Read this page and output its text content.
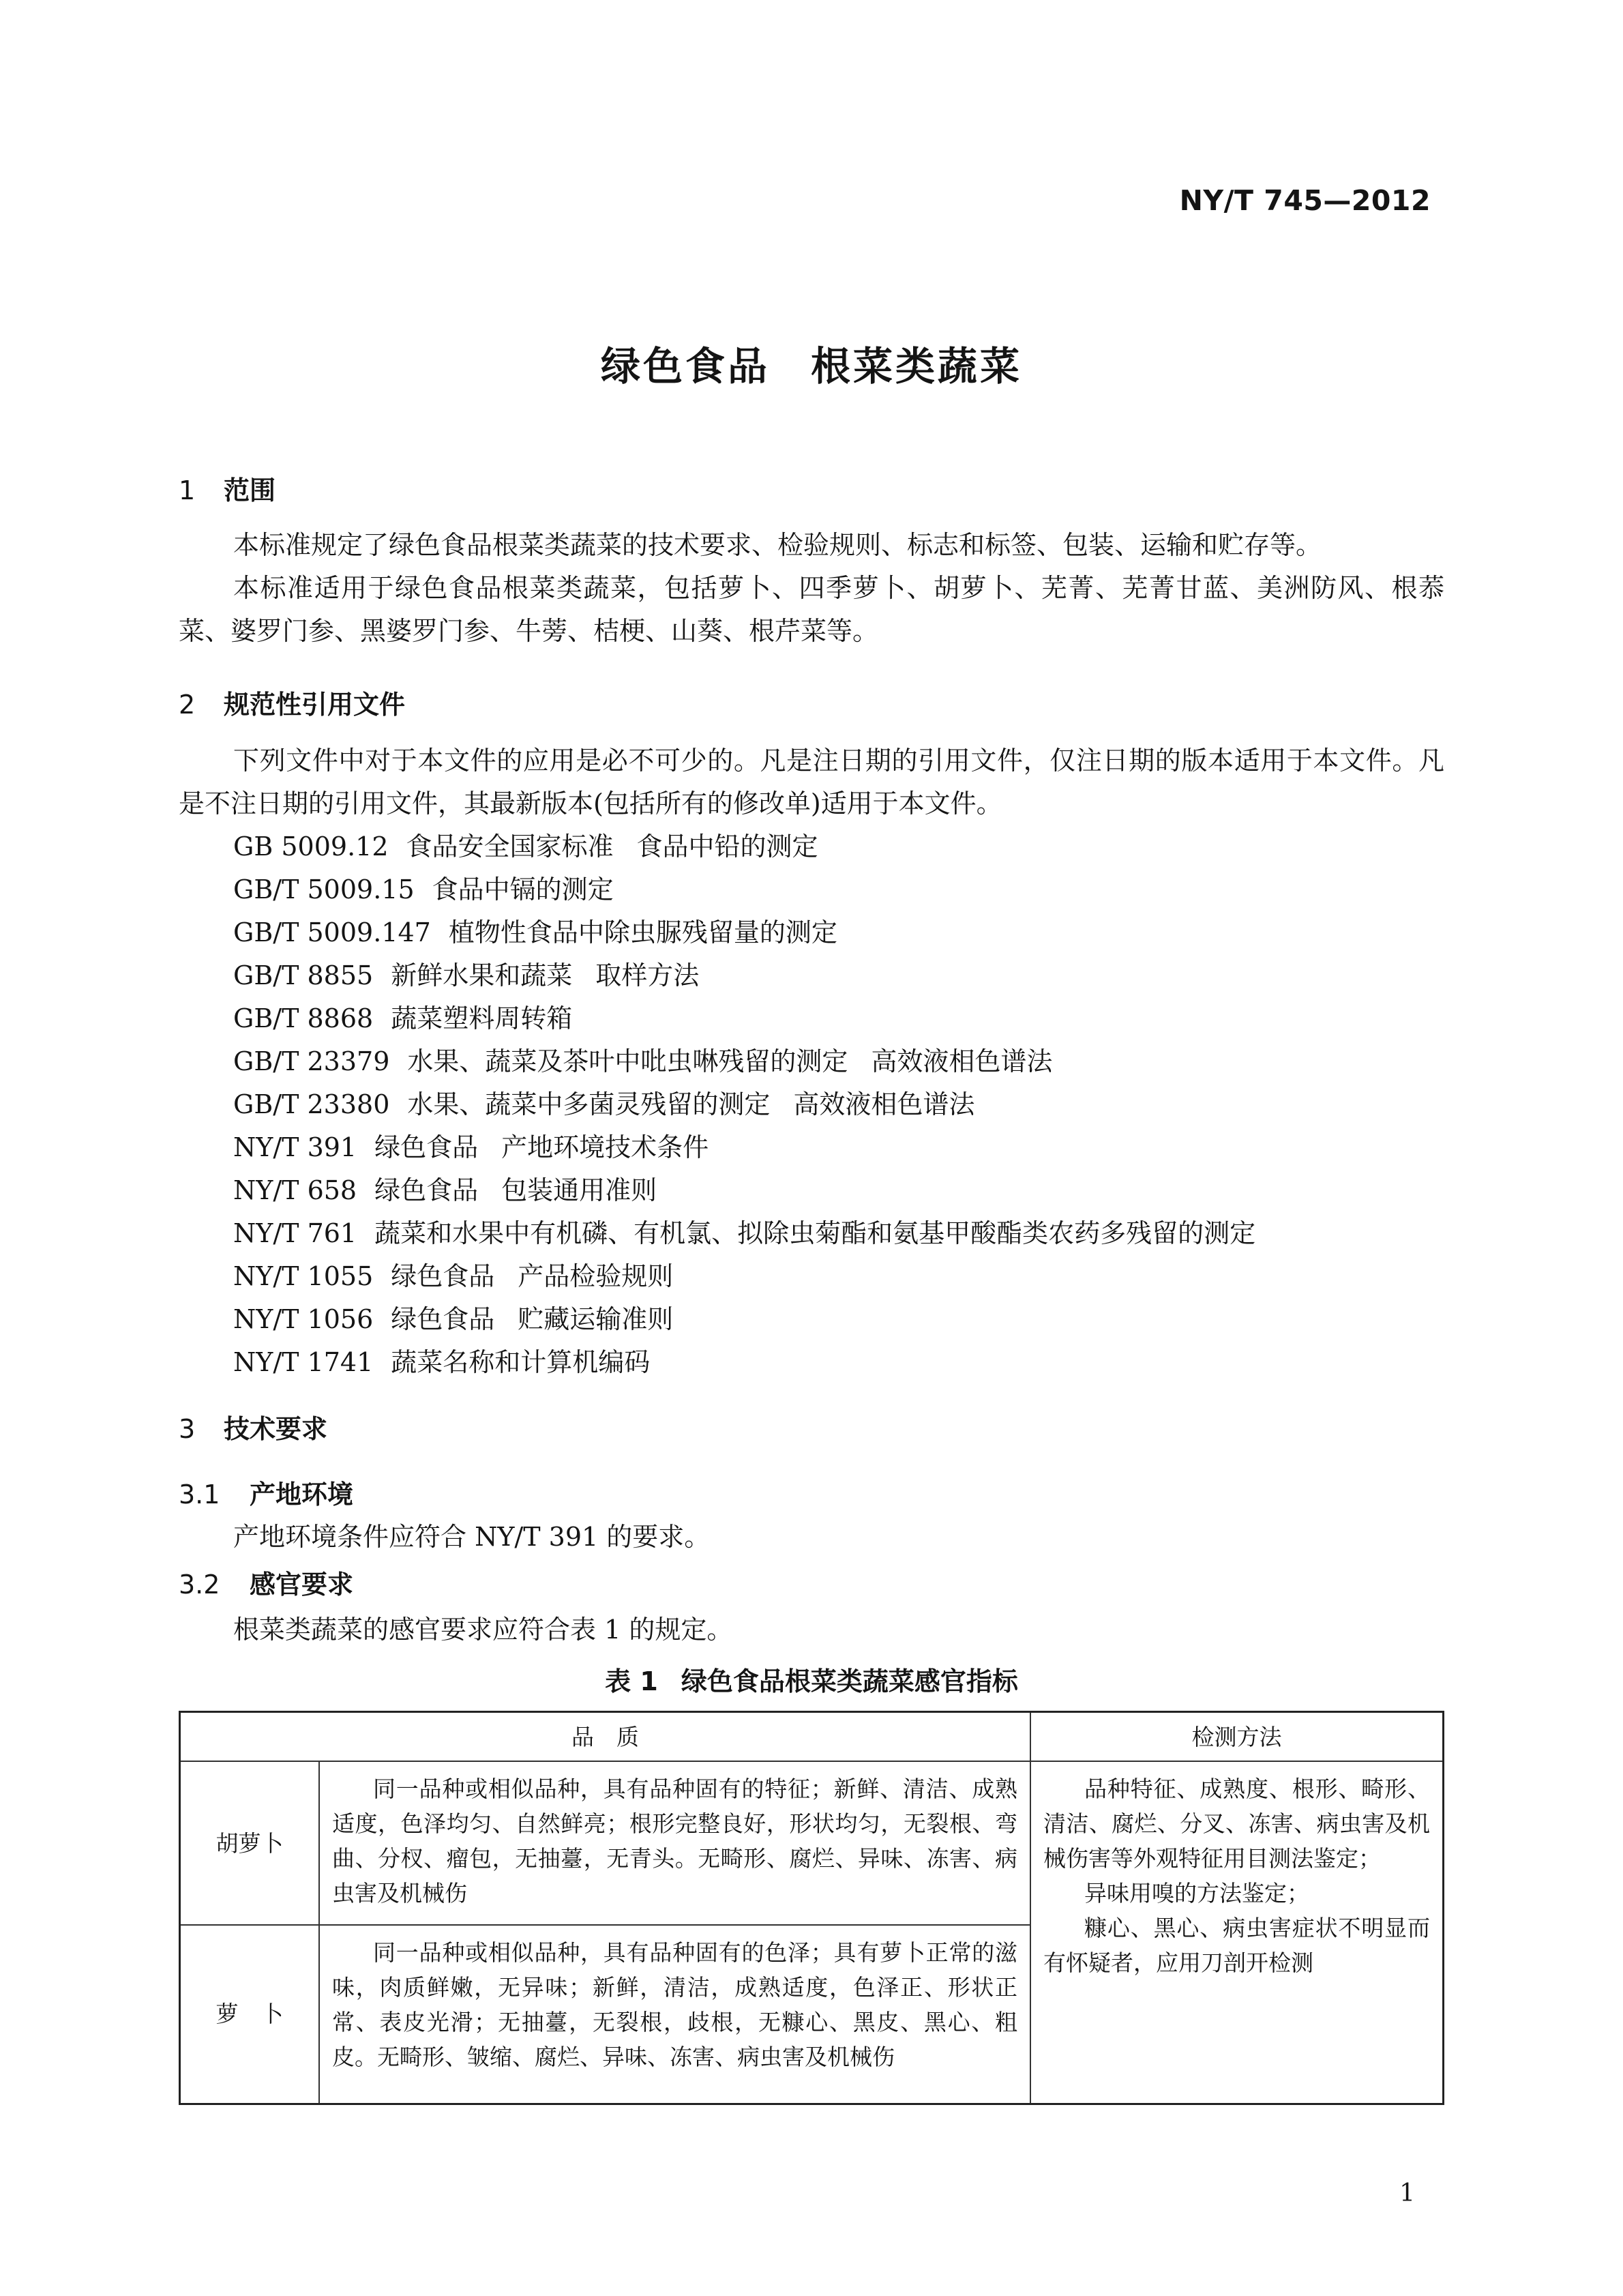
NY/T 745—2012
绿色食品 根菜类蔬菜
1 范围

本标准规定了绿色食品根菜类蔬菜的技术要求、检验规则、标志和标签、包装、运输和贮存等。

本标准适用于绿色食品根菜类蔬菜，包括萝卜、四季萝卜、胡萝卜、芜菁、芜菁甘蓝、美洲防风、根菾菜、婆罗门参、黑婆罗门参、牛蒡、桔梗、山葵、根芹菜等。

2 规范性引用文件

下列文件中对于本文件的应用是必不可少的。凡是注日期的引用文件，仅注日期的版本适用于本文件。凡是不注日期的引用文件，其最新版本(包括所有的修改单)适用于本文件。

GB 5009.12 食品安全国家标准 食品中铅的测定
GB/T 5009.15 食品中镉的测定
GB/T 5009.147 植物性食品中除虫脲残留量的测定
GB/T 8855 新鲜水果和蔬菜 取样方法
GB/T 8868 蔬菜塑料周转箱
GB/T 23379 水果、蔬菜及茶叶中吡虫啉残留的测定 高效液相色谱法
GB/T 23380 水果、蔬菜中多菌灵残留的测定 高效液相色谱法
NY/T 391 绿色食品 产地环境技术条件
NY/T 658 绿色食品 包装通用准则
NY/T 761 蔬菜和水果中有机磷、有机氯、拟除虫菊酯和氨基甲酸酯类农药多残留的测定
NY/T 1055 绿色食品 产品检验规则
NY/T 1056 绿色食品 贮藏运输准则
NY/T 1741 蔬菜名称和计算机编码
3 技术要求
3.1 产地环境
产地环境条件应符合 NY/T 391 的要求。
3.2 感官要求
根菜类蔬菜的感官要求应符合表 1 的规定。
表 1 绿色食品根菜类蔬菜感官指标
品　质		检测方法
胡萝卜	同一品种或相似品种，具有品种固有的特征；新鲜、清洁、成熟适度，色泽均匀、自然鲜亮；根形完整良好，形状均匀，无裂根、弯曲、分杈、瘤包，无抽薹，无青头。无畸形、腐烂、异味、冻害、病虫害及机械伤	品种特征、成熟度、根形、畸形、清洁、腐烂、分叉、冻害、病虫害及机械伤害等外观特征用目测法鉴定；

异味用嗅的方法鉴定；

糠心、黑心、病虫害症状不明显而有怀疑者，应用刀剖开检测

萝　卜	同一品种或相似品种，具有品种固有的色泽；具有萝卜正常的滋味，肉质鲜嫩，无异味；新鲜，清洁，成熟适度，色泽正、形状正常、表皮光滑；无抽薹，无裂根，歧根，无糠心、黑皮、黑心、粗皮。无畸形、皱缩、腐烂、异味、冻害、病虫害及机械伤	

1
